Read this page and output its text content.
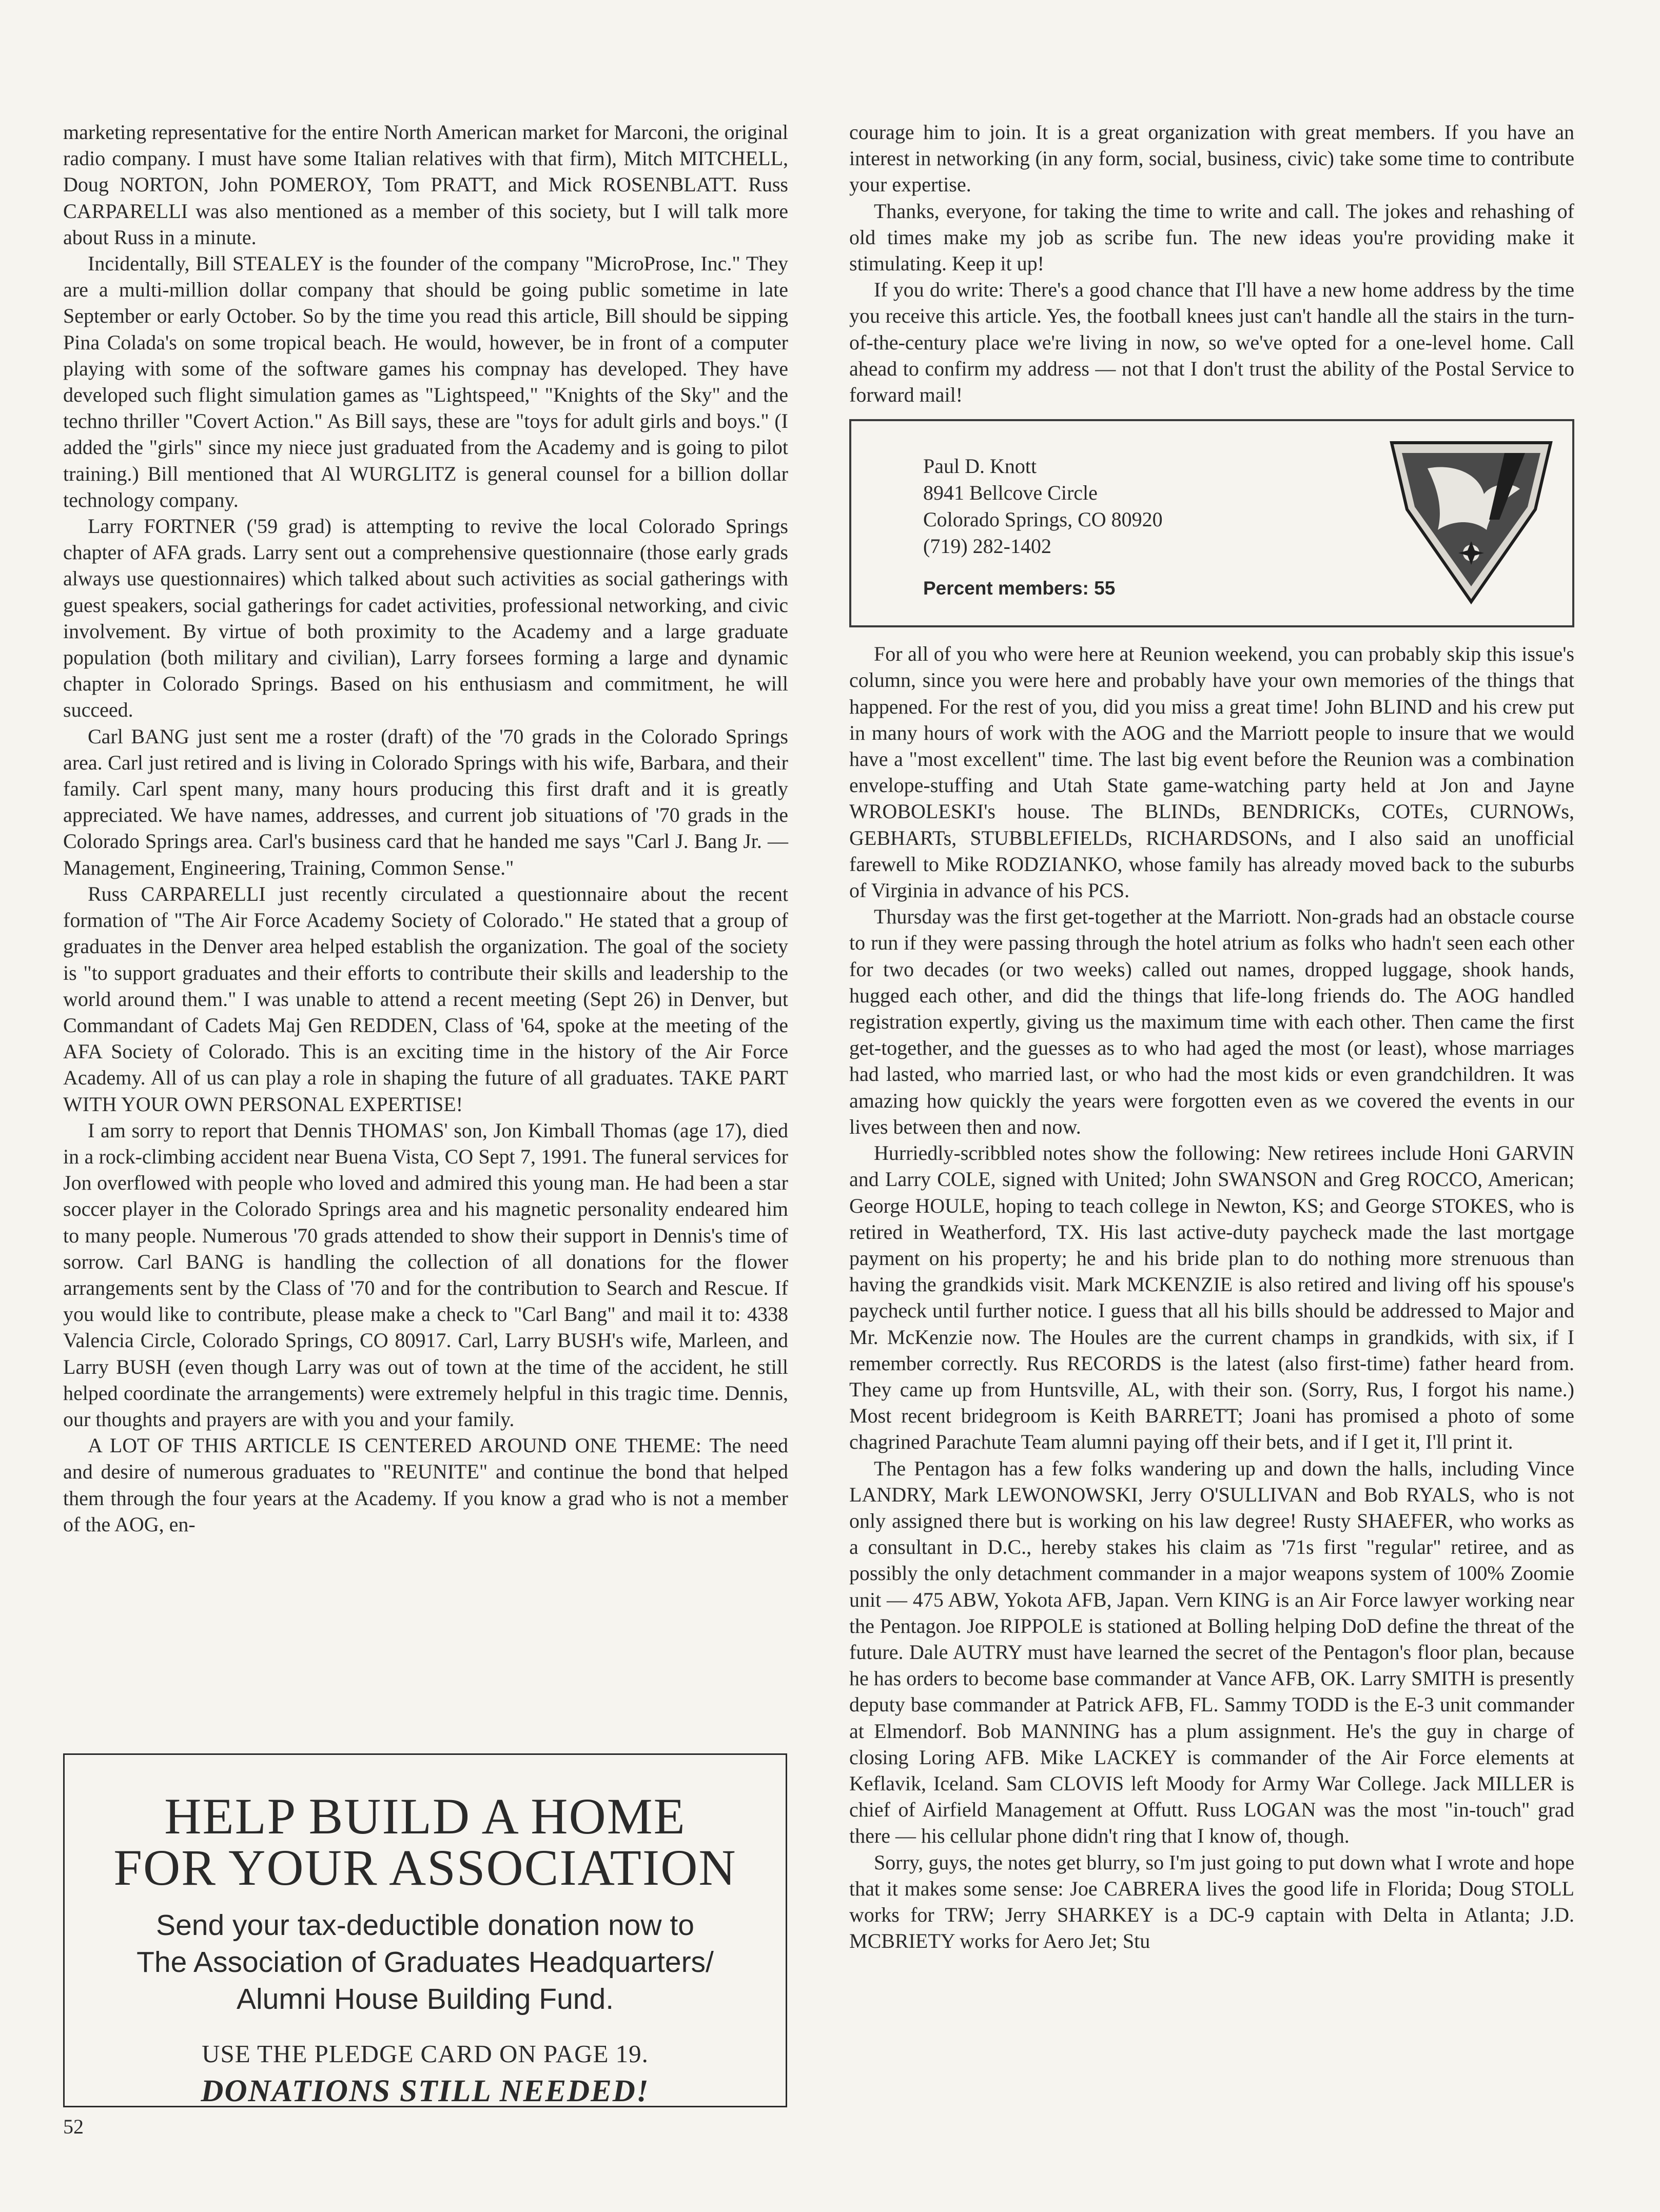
marketing representative for the entire North American market for Marconi, the original radio company. I must have some Italian relatives with that firm), Mitch MITCHELL, Doug NORTON, John POMEROY, Tom PRATT, and Mick ROSENBLATT. Russ CARPARELLI was also mentioned as a member of this society, but I will talk more about Russ in a minute.

Incidentally, Bill STEALEY is the founder of the company "MicroProse, Inc." They are a multi-million dollar company that should be going public sometime in late September or early October. So by the time you read this article, Bill should be sipping Pina Colada's on some tropical beach. He would, however, be in front of a computer playing with some of the software games his compnay has developed. They have developed such flight simulation games as "Lightspeed," "Knights of the Sky" and the techno thriller "Covert Action." As Bill says, these are "toys for adult girls and boys." (I added the "girls" since my niece just graduated from the Academy and is going to pilot training.) Bill mentioned that Al WURGLITZ is general counsel for a billion dollar technology company.

Larry FORTNER ('59 grad) is attempting to revive the local Colorado Springs chapter of AFA grads. Larry sent out a comprehensive questionnaire (those early grads always use questionnaires) which talked about such activities as social gatherings with guest speakers, social gatherings for cadet activities, professional networking, and civic involvement. By virtue of both proximity to the Academy and a large graduate population (both military and civilian), Larry forsees forming a large and dynamic chapter in Colorado Springs. Based on his enthusiasm and commitment, he will succeed.

Carl BANG just sent me a roster (draft) of the '70 grads in the Colorado Springs area. Carl just retired and is living in Colorado Springs with his wife, Barbara, and their family. Carl spent many, many hours producing this first draft and it is greatly appreciated. We have names, addresses, and current job situations of '70 grads in the Colorado Springs area. Carl's business card that he handed me says "Carl J. Bang Jr. — Management, Engineering, Training, Common Sense."

Russ CARPARELLI just recently circulated a questionnaire about the recent formation of "The Air Force Academy Society of Colorado." He stated that a group of graduates in the Denver area helped establish the organization. The goal of the society is "to support graduates and their efforts to contribute their skills and leadership to the world around them." I was unable to attend a recent meeting (Sept 26) in Denver, but Commandant of Cadets Maj Gen REDDEN, Class of '64, spoke at the meeting of the AFA Society of Colorado. This is an exciting time in the history of the Air Force Academy. All of us can play a role in shaping the future of all graduates. TAKE PART WITH YOUR OWN PERSONAL EXPERTISE!

I am sorry to report that Dennis THOMAS' son, Jon Kimball Thomas (age 17), died in a rock-climbing accident near Buena Vista, CO Sept 7, 1991. The funeral services for Jon overflowed with people who loved and admired this young man. He had been a star soccer player in the Colorado Springs area and his magnetic personality endeared him to many people. Numerous '70 grads attended to show their support in Dennis's time of sorrow. Carl BANG is handling the collection of all donations for the flower arrangements sent by the Class of '70 and for the contribution to Search and Rescue. If you would like to contribute, please make a check to "Carl Bang" and mail it to: 4338 Valencia Circle, Colorado Springs, CO 80917. Carl, Larry BUSH's wife, Marleen, and Larry BUSH (even though Larry was out of town at the time of the accident, he still helped coordinate the arrangements) were extremely helpful in this tragic time. Dennis, our thoughts and prayers are with you and your family.

A LOT OF THIS ARTICLE IS CENTERED AROUND ONE THEME: The need and desire of numerous graduates to "REUNITE" and continue the bond that helped them through the four years at the Academy. If you know a grad who is not a member of the AOG, en-

courage him to join. It is a great organization with great members. If you have an interest in networking (in any form, social, business, civic) take some time to contribute your expertise.

Thanks, everyone, for taking the time to write and call. The jokes and rehashing of old times make my job as scribe fun. The new ideas you're providing make it stimulating. Keep it up!

If you do write: There's a good chance that I'll have a new home address by the time you receive this article. Yes, the football knees just can't handle all the stairs in the turn-of-the-century place we're living in now, so we've opted for a one-level home. Call ahead to confirm my address — not that I don't trust the ability of the Postal Service to forward mail!

Paul D. Knott
8941 Bellcove Circle
Colorado Springs, CO 80920
(719) 282-1402
Percent members: 55

For all of you who were here at Reunion weekend, you can probably skip this issue's column, since you were here and probably have your own memories of the things that happened. For the rest of you, did you miss a great time! John BLIND and his crew put in many hours of work with the AOG and the Marriott people to insure that we would have a "most excellent" time. The last big event before the Reunion was a combination envelope-stuffing and Utah State game-watching party held at Jon and Jayne WROBOLESKI's house. The BLINDs, BENDRICKs, COTEs, CURNOWs, GEBHARTs, STUBBLEFIELDs, RICHARDSONs, and I also said an unofficial farewell to Mike RODZIANKO, whose family has already moved back to the suburbs of Virginia in advance of his PCS.

Thursday was the first get-together at the Marriott. Non-grads had an obstacle course to run if they were passing through the hotel atrium as folks who hadn't seen each other for two decades (or two weeks) called out names, dropped luggage, shook hands, hugged each other, and did the things that life-long friends do. The AOG handled registration expertly, giving us the maximum time with each other. Then came the first get-together, and the guesses as to who had aged the most (or least), whose marriages had lasted, who married last, or who had the most kids or even grandchildren. It was amazing how quickly the years were forgotten even as we covered the events in our lives between then and now.

Hurriedly-scribbled notes show the following: New retirees include Honi GARVIN and Larry COLE, signed with United; John SWANSON and Greg ROCCO, American; George HOULE, hoping to teach college in Newton, KS; and George STOKES, who is retired in Weatherford, TX. His last active-duty paycheck made the last mortgage payment on his property; he and his bride plan to do nothing more strenuous than having the grandkids visit. Mark MCKENZIE is also retired and living off his spouse's paycheck until further notice. I guess that all his bills should be addressed to Major and Mr. McKenzie now. The Houles are the current champs in grandkids, with six, if I remember correctly. Rus RECORDS is the latest (also first-time) father heard from. They came up from Huntsville, AL, with their son. (Sorry, Rus, I forgot his name.) Most recent bridegroom is Keith BARRETT; Joani has promised a photo of some chagrined Parachute Team alumni paying off their bets, and if I get it, I'll print it.

The Pentagon has a few folks wandering up and down the halls, including Vince LANDRY, Mark LEWONOWSKI, Jerry O'SULLIVAN and Bob RYALS, who is not only assigned there but is working on his law degree! Rusty SHAEFER, who works as a consultant in D.C., hereby stakes his claim as '71s first "regular" retiree, and as possibly the only detachment commander in a major weapons system of 100% Zoomie unit — 475 ABW, Yokota AFB, Japan. Vern KING is an Air Force lawyer working near the Pentagon. Joe RIPPOLE is stationed at Bolling helping DoD define the threat of the future. Dale AUTRY must have learned the secret of the Pentagon's floor plan, because he has orders to become base commander at Vance AFB, OK. Larry SMITH is presently deputy base commander at Patrick AFB, FL. Sammy TODD is the E-3 unit commander at Elmendorf. Bob MANNING has a plum assignment. He's the guy in charge of closing Loring AFB. Mike LACKEY is commander of the Air Force elements at Keflavik, Iceland. Sam CLOVIS left Moody for Army War College. Jack MILLER is chief of Airfield Management at Offutt. Russ LOGAN was the most "in-touch" grad there — his cellular phone didn't ring that I know of, though.

Sorry, guys, the notes get blurry, so I'm just going to put down what I wrote and hope that it makes some sense: Joe CABRERA lives the good life in Florida; Doug STOLL works for TRW; Jerry SHARKEY is a DC-9 captain with Delta in Atlanta; J.D. MCBRIETY works for Aero Jet; Stu

HELP BUILD A HOME
FOR YOUR ASSOCIATION
Send your tax-deductible donation now to
The Association of Graduates Headquarters/
Alumni House Building Fund.
USE THE PLEDGE CARD ON PAGE 19.
DONATIONS STILL NEEDED!
52
